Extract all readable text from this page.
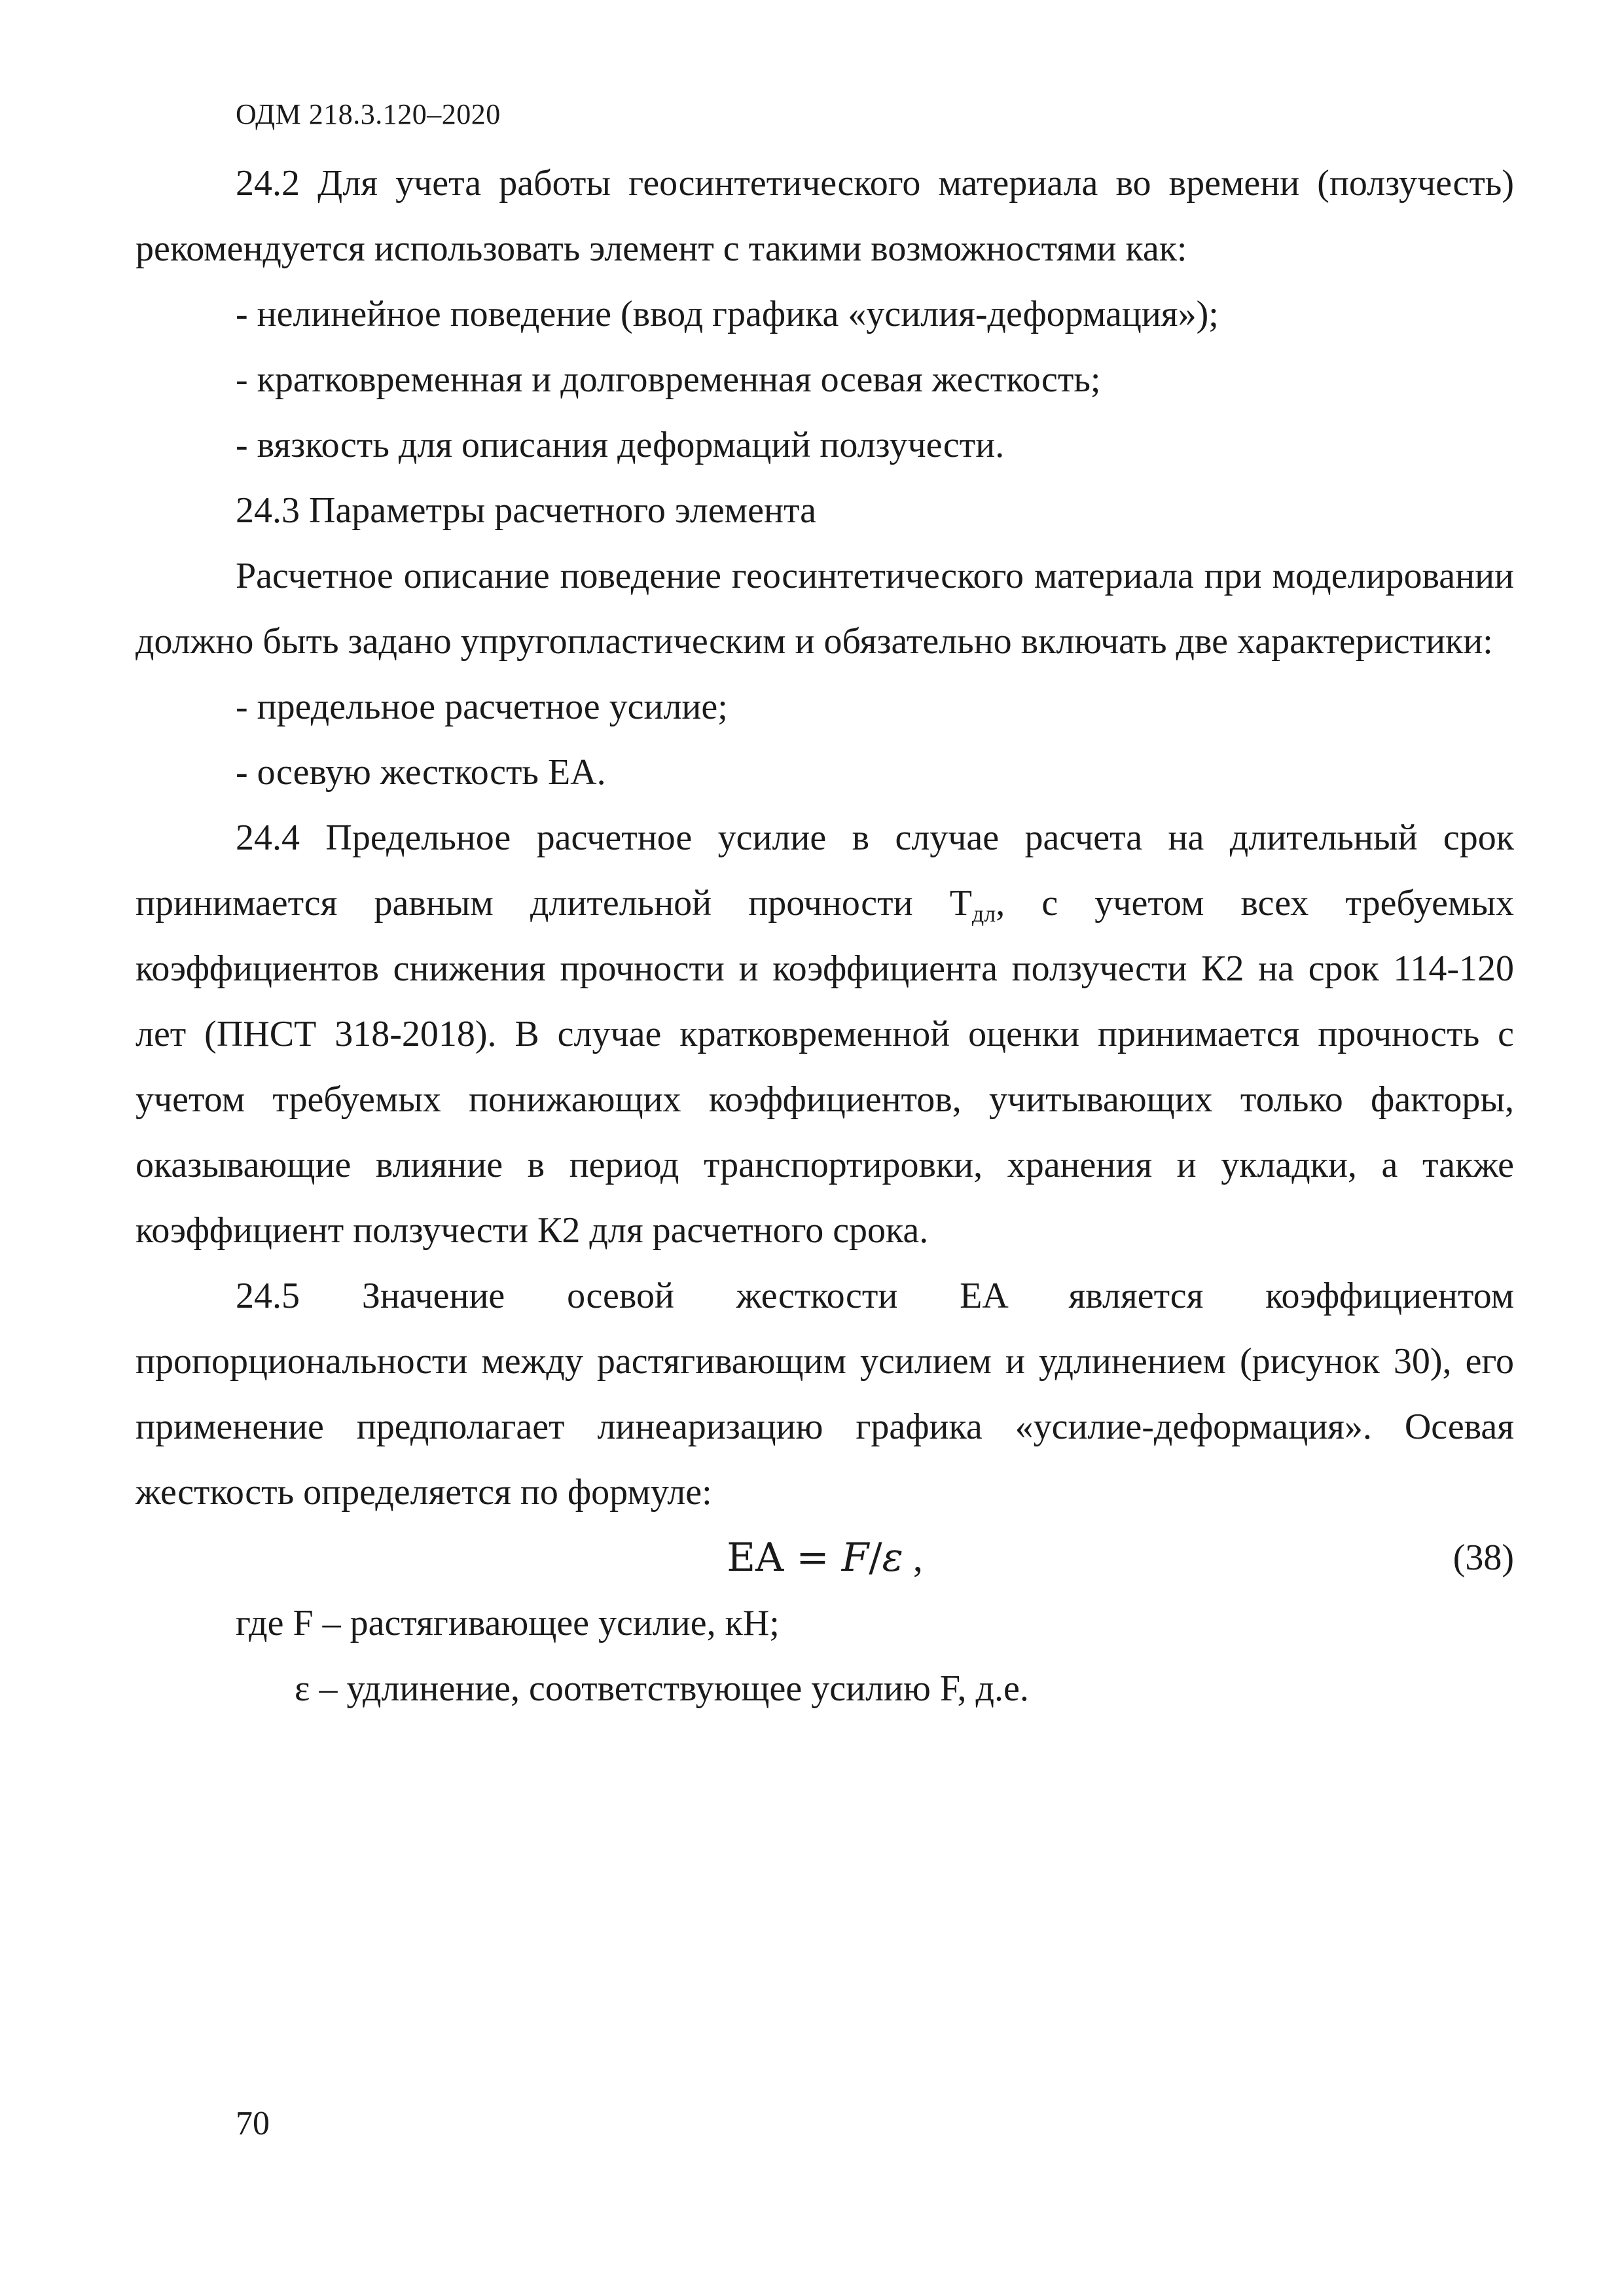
ОДМ 218.3.120–2020

24.2 Для учета работы геосинтетического материала во времени (ползучесть) рекомендуется использовать элемент с такими возможностями как:

- нелинейное поведение (ввод графика «усилия-деформация»);

- кратковременная и долговременная осевая жесткость;

- вязкость для описания деформаций ползучести.

24.3 Параметры расчетного элемента

Расчетное описание поведение геосинтетического материала при моделировании должно быть задано упругопластическим и обязательно включать две характеристики:

- предельное расчетное усилие;

- осевую жесткость EA.

24.4 Предельное расчетное усилие в случае расчета на длительный срок принимается равным длительной прочности $T_{дл}$, с учетом всех требуемых коэффициентов снижения прочности и коэффициента ползучести К2 на срок 114-120 лет (ПНСТ 318-2018). В случае кратковременной оценки принимается прочность с учетом требуемых понижающих коэффициентов, учитывающих только факторы, оказывающие влияние в период транспортировки, хранения и укладки, а также коэффициент ползучести К2 для расчетного срока.

24.5 Значение осевой жесткости EA является коэффициентом пропорциональности между растягивающим усилием и удлинением (рисунок 30), его применение предполагает линеаризацию графика «усилие-деформация». Осевая жесткость определяется по формуле:

EA = F/ε ,	(38)

где F – растягивающее усилие, кН;

ε – удлинение, соответствующее усилию F, д.е.

70
